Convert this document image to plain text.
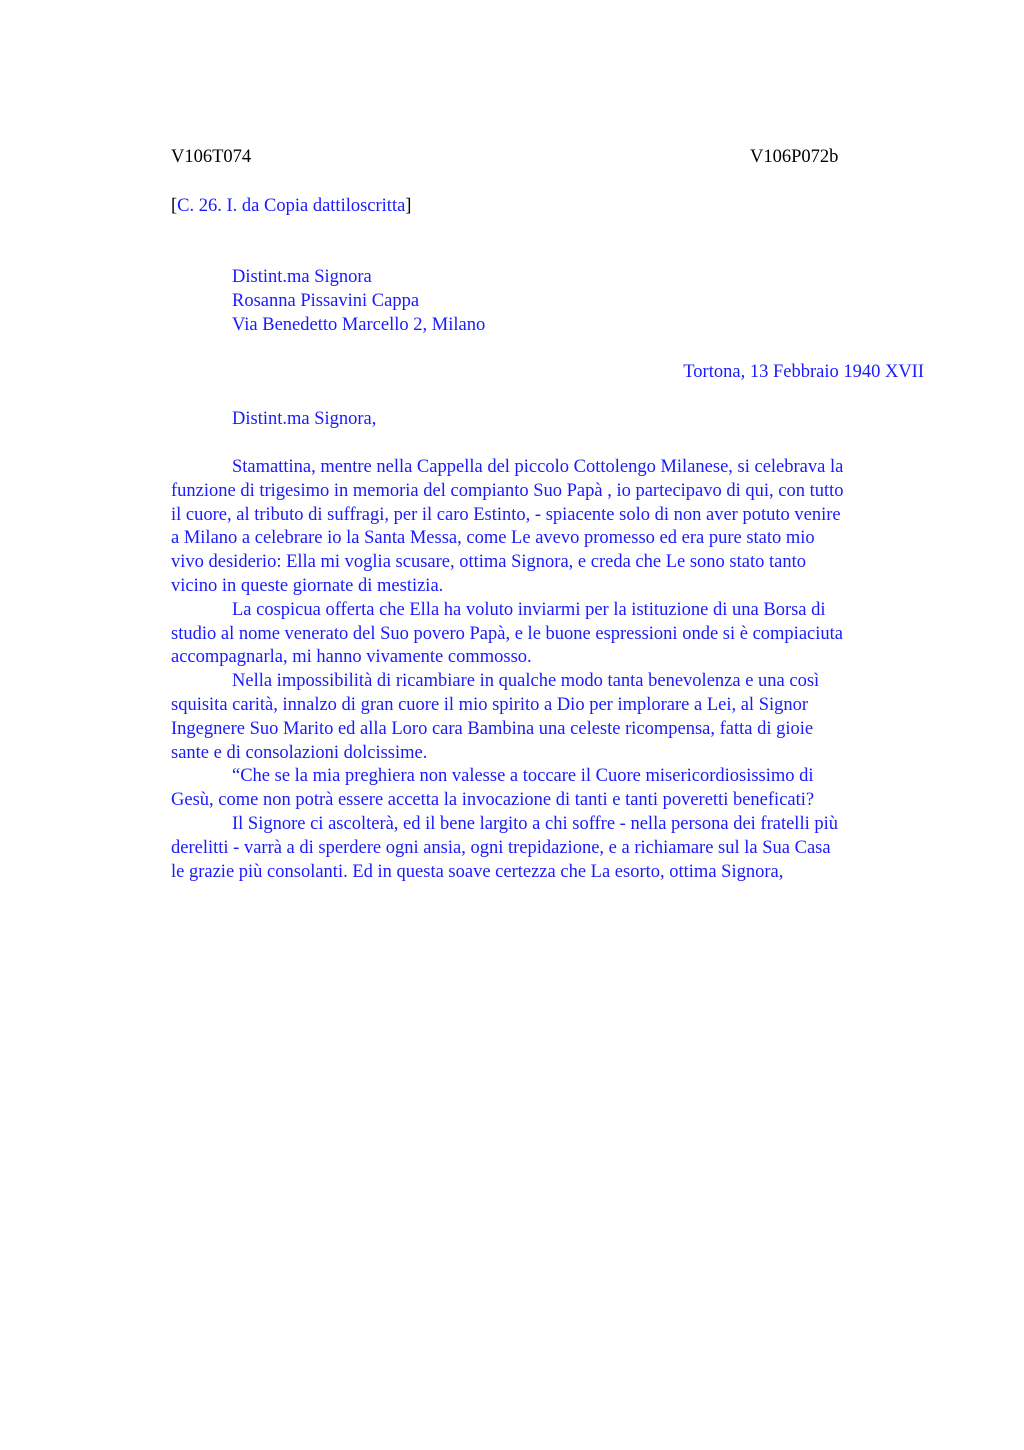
V106T074	V106P072b
[C. 26. I. da Copia dattiloscritta]
Distint.ma Signora
Rosanna Pissavini Cappa
Via Benedetto Marcello 2, Milano
Tortona, 13 Febbraio 1940 XVII
Distint.ma Signora,
Stamattina, mentre nella Cappella del piccolo Cottolengo Milanese, si celebrava la
funzione di trigesimo in memoria del compianto Suo Papà , io partecipavo di qui, con tutto
il cuore, al tributo di suffragi, per il caro Estinto, - spiacente solo di non aver potuto venire
a Milano a celebrare io la Santa Messa, come Le avevo promesso ed era pure stato mio
vivo desiderio: Ella mi voglia scusare, ottima Signora, e creda che Le sono stato tanto
vicino in queste giornate di mestizia.
La cospicua offerta che Ella ha voluto inviarmi per la istituzione di una Borsa di
studio al nome venerato del Suo povero Papà, e le buone espressioni onde si è compiaciuta
accompagnarla, mi hanno vivamente commosso.
Nella impossibilità di ricambiare in qualche modo tanta benevolenza e una così
squisita carità, innalzo di gran cuore il mio spirito a Dio per implorare a Lei, al Signor
Ingegnere Suo Marito ed alla Loro cara Bambina una celeste ricompensa, fatta di gioie
sante e di consolazioni dolcissime.
“Che se la mia preghiera non valesse a toccare il Cuore misericordiosissimo di
Gesù, come non potrà essere accetta la invocazione di tanti e tanti poveretti beneficati?
Il Signore ci ascolterà, ed il bene largito a chi soffre - nella persona dei fratelli più
derelitti - varrà a di sperdere ogni ansia, ogni trepidazione, e a richiamare sul la Sua Casa
le grazie più consolanti. Ed in questa soave certezza che La esorto, ottima Signora,
